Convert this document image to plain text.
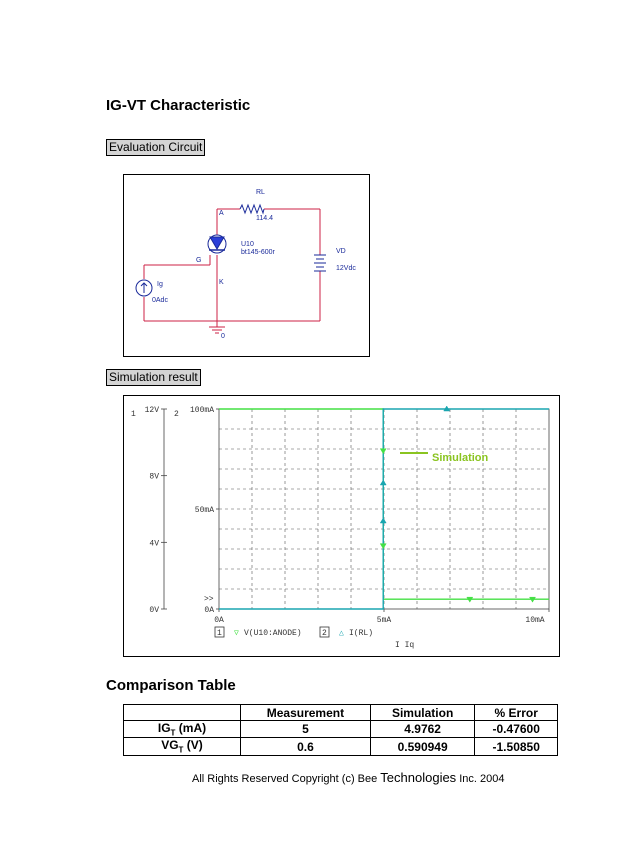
IG-VT Characteristic
Evaluation Circuit
RL
114.4
A
G
K
U10
bt145-600r	VD
12Vdc
Ig
0Adc
0
Simulation result
0V
4V
8V
12V
0A
50mA
100mA
1	2
>>
0A	5mA	10mA
I Iq
1 ▽ V(U10:ANODE)	2 △ I(RL)
Simulation
Comparison Table
	Measurement	Simulation	% Error
$IG_T$ (mA)	5	4.9762	-0.47600
$VG_T$ (V)	0.6	0.590949	-1.50850
All Rights Reserved Copyright (c) Bee Technologies Inc. 2004
